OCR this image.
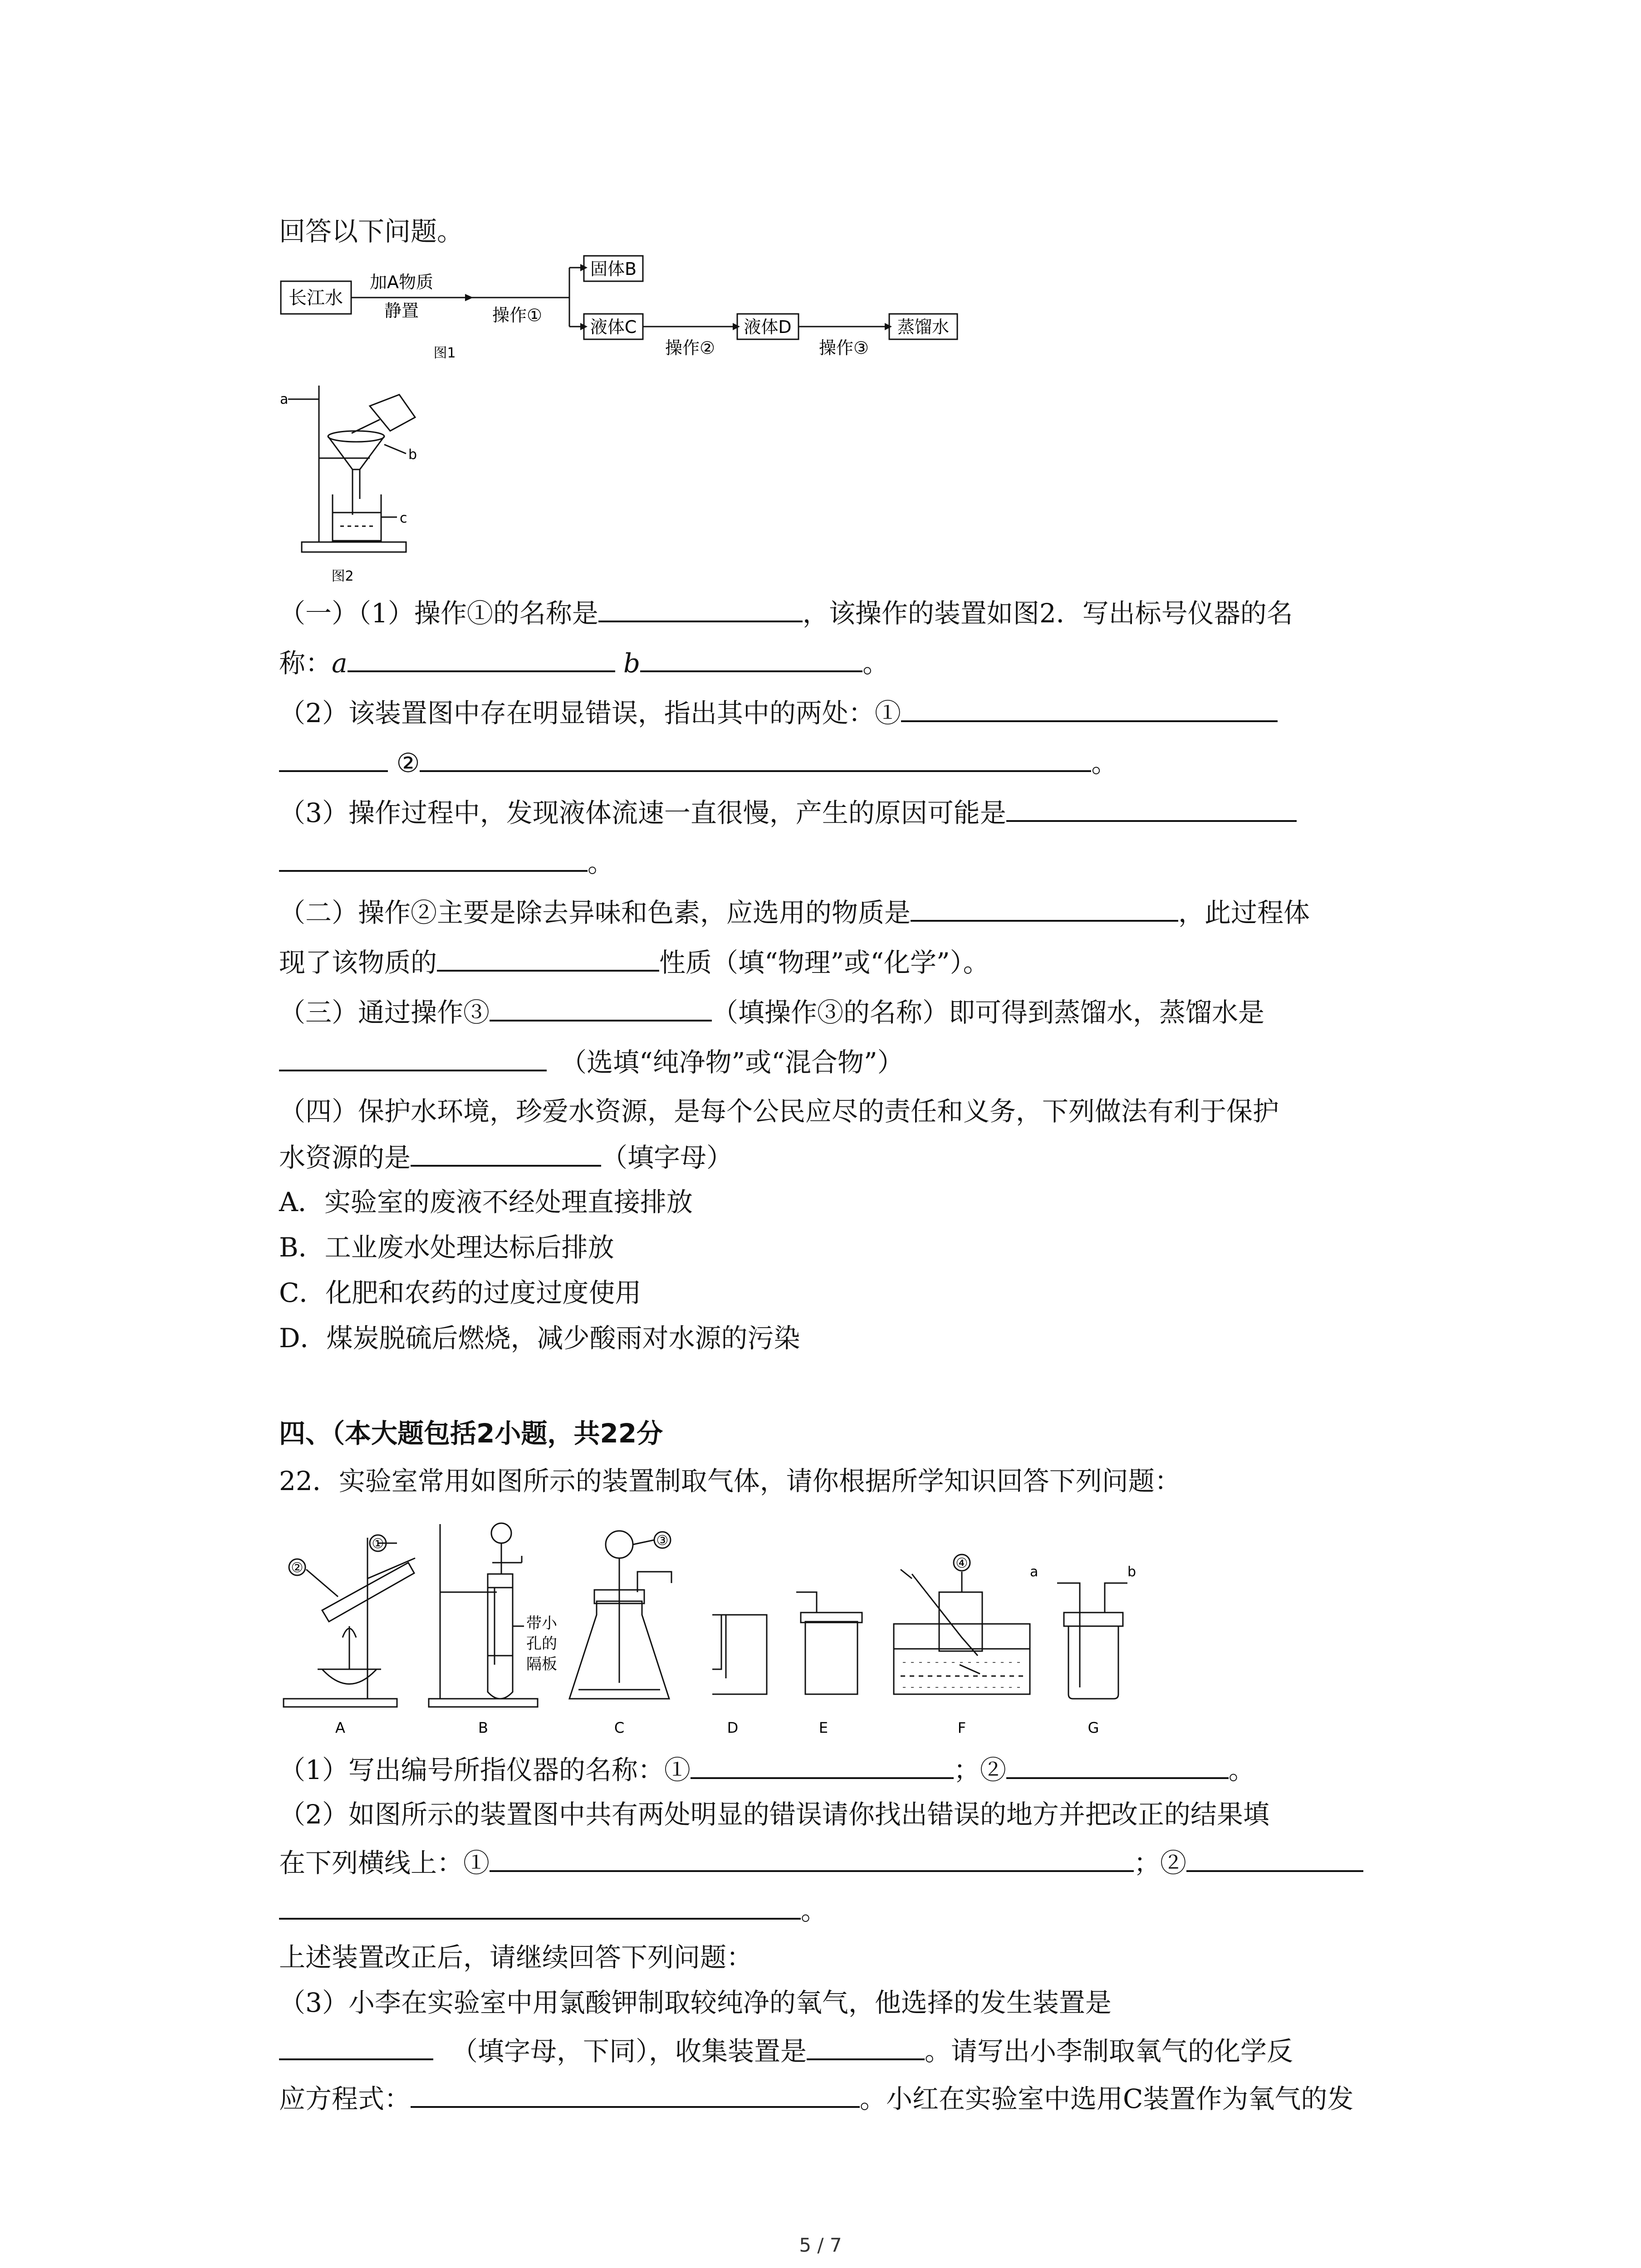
回答以下问题。
长江水
加A物质
静置	操作①
固体B
液体C
操作②
液体D
操作③
蒸馏水
图1
a
b
c
图2
（一）（1）操作①的名称是	，该操作的装置如图2．写出标号仪器的名
称：a	b	。
（2）该装置图中存在明显错误，指出其中的两处：①
②	。
（3）操作过程中，发现液体流速一直很慢，产生的原因可能是
。
（二）操作②主要是除去异味和色素，应选用的物质是	，此过程体
现了该物质的	性质（填“物理”或“化学”）。
（三）通过操作③	（填操作③的名称）即可得到蒸馏水，蒸馏水是
（选填“纯净物”或“混合物”）
（四）保护水环境，珍爱水资源，是每个公民应尽的责任和义务，下列做法有利于保护
水资源的是	（填字母）
A．实验室的废液不经处理直接排放
B．工业废水处理达标后排放
C．化肥和农药的过度过度使用
D．煤炭脱硫后燃烧，减少酸雨对水源的污染
四、（本大题包括2小题，共22分
22．实验室常用如图所示的装置制取气体，请你根据所学知识回答下列问题：
①
②
③
④
带小
孔的
隔板
a	b
A	B	C	D	E	F	G
（1）写出编号所指仪器的名称：①	；②	。
（2）如图所示的装置图中共有两处明显的错误请你找出错误的地方并把改正的结果填
在下列横线上：①	；②
。
上述装置改正后，请继续回答下列问题：
（3）小李在实验室中用氯酸钾制取较纯净的氧气，他选择的发生装置是
（填字母，下同），收集装置是	。请写出小李制取氧气的化学反
应方程式：	。小红在实验室中选用C装置作为氧气的发
5 / 7
